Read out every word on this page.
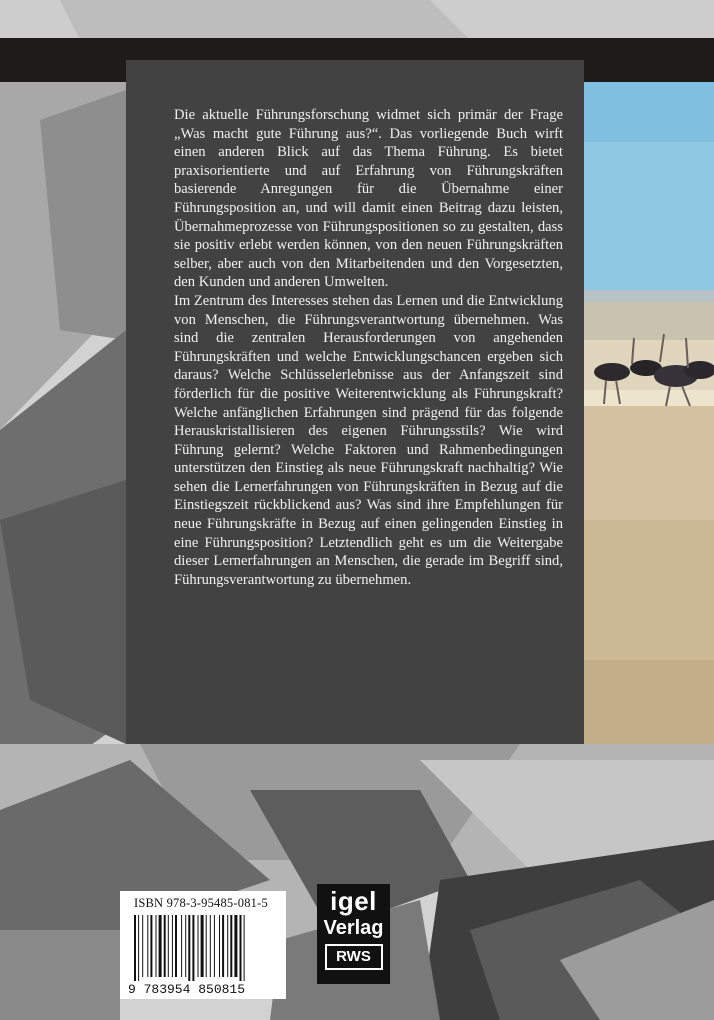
Die aktuelle Führungsforschung widmet sich primär der Frage „Was macht gute Führung aus?“. Das vorliegende Buch wirft einen anderen Blick auf das Thema Führung. Es bietet praxisorientierte und auf Erfahrung von Führungskräften basierende Anregungen für die Übernahme einer Führungsposition an, und will damit einen Beitrag dazu leisten, Übernahmeprozesse von Führungspositionen so zu gestalten, dass sie positiv erlebt werden können, von den neuen Führungskräften selber, aber auch von den Mitarbeitenden und den Vorgesetzten, den Kunden und anderen Umwelten.
Im Zentrum des Interesses stehen das Lernen und die Entwicklung von Menschen, die Führungsverantwortung übernehmen. Was sind die zentralen Herausforderungen von angehenden Führungskräften und welche Entwicklungschancen ergeben sich daraus? Welche Schlüsselerlebnisse aus der Anfangszeit sind förderlich für die positive Weiterentwicklung als Führungskraft? Welche anfänglichen Erfahrungen sind prägend für das folgende Herauskristallisieren des eigenen Führungsstils? Wie wird Führung gelernt? Welche Faktoren und Rahmenbedingungen unterstützen den Einstieg als neue Führungskraft nachhaltig? Wie sehen die Lernerfahrungen von Führungskräften in Bezug auf die Einstiegszeit rückblickend aus? Was sind ihre Empfehlungen für neue Führungskräfte in Bezug auf einen gelingenden Einstieg in eine Führungsposition? Letztendlich geht es um die Weitergabe dieser Lernerfahrungen an Menschen, die gerade im Begriff sind, Führungsverantwortung zu übernehmen.

ISBN 978-3-95485-081-5
9 783954 850815
igel
Verlag
RWS
